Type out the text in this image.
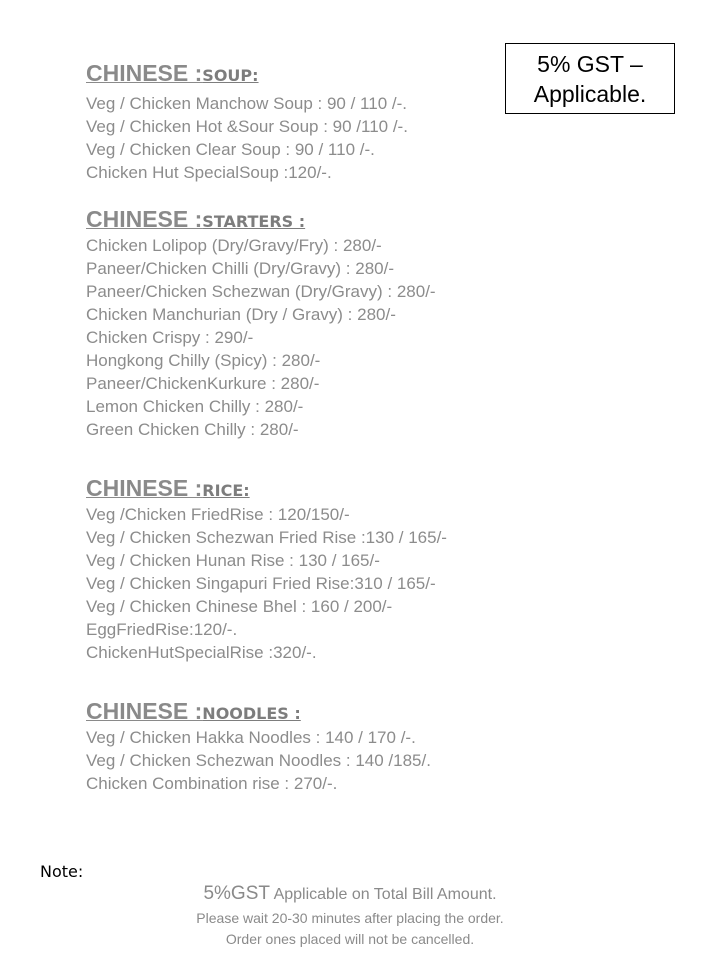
5% GST –
Applicable.
CHINESE :SOUP:
Veg / Chicken Manchow Soup : 90 / 110 /-.
Veg / Chicken Hot &Sour Soup : 90 /110 /-.
Veg / Chicken Clear Soup : 90 / 110 /-.
Chicken Hut SpecialSoup :120/-.
CHINESE :STARTERS :
Chicken Lolipop (Dry/Gravy/Fry) : 280/-
Paneer/Chicken Chilli (Dry/Gravy) : 280/-
Paneer/Chicken Schezwan (Dry/Gravy) : 280/-
Chicken Manchurian (Dry / Gravy) : 280/-
Chicken Crispy : 290/-
Hongkong Chilly (Spicy) : 280/-
Paneer/ChickenKurkure : 280/-
Lemon Chicken Chilly : 280/-
Green Chicken Chilly : 280/-
CHINESE :RICE:
Veg /Chicken FriedRise : 120/150/-
Veg / Chicken Schezwan Fried Rise :130 / 165/-
Veg / Chicken Hunan Rise : 130 / 165/-
Veg / Chicken Singapuri Fried Rise:310 / 165/-
Veg / Chicken Chinese Bhel : 160 / 200/-
EggFriedRise:120/-.
ChickenHutSpecialRise :320/-.
CHINESE :NOODLES :
Veg / Chicken Hakka Noodles : 140 / 170 /-.
Veg / Chicken Schezwan Noodles : 140 /185/.
Chicken Combination rise : 270/-.
Note:
5%GST Applicable on Total Bill Amount.
Please wait 20-30 minutes after placing the order.
Order ones placed will not be cancelled.
